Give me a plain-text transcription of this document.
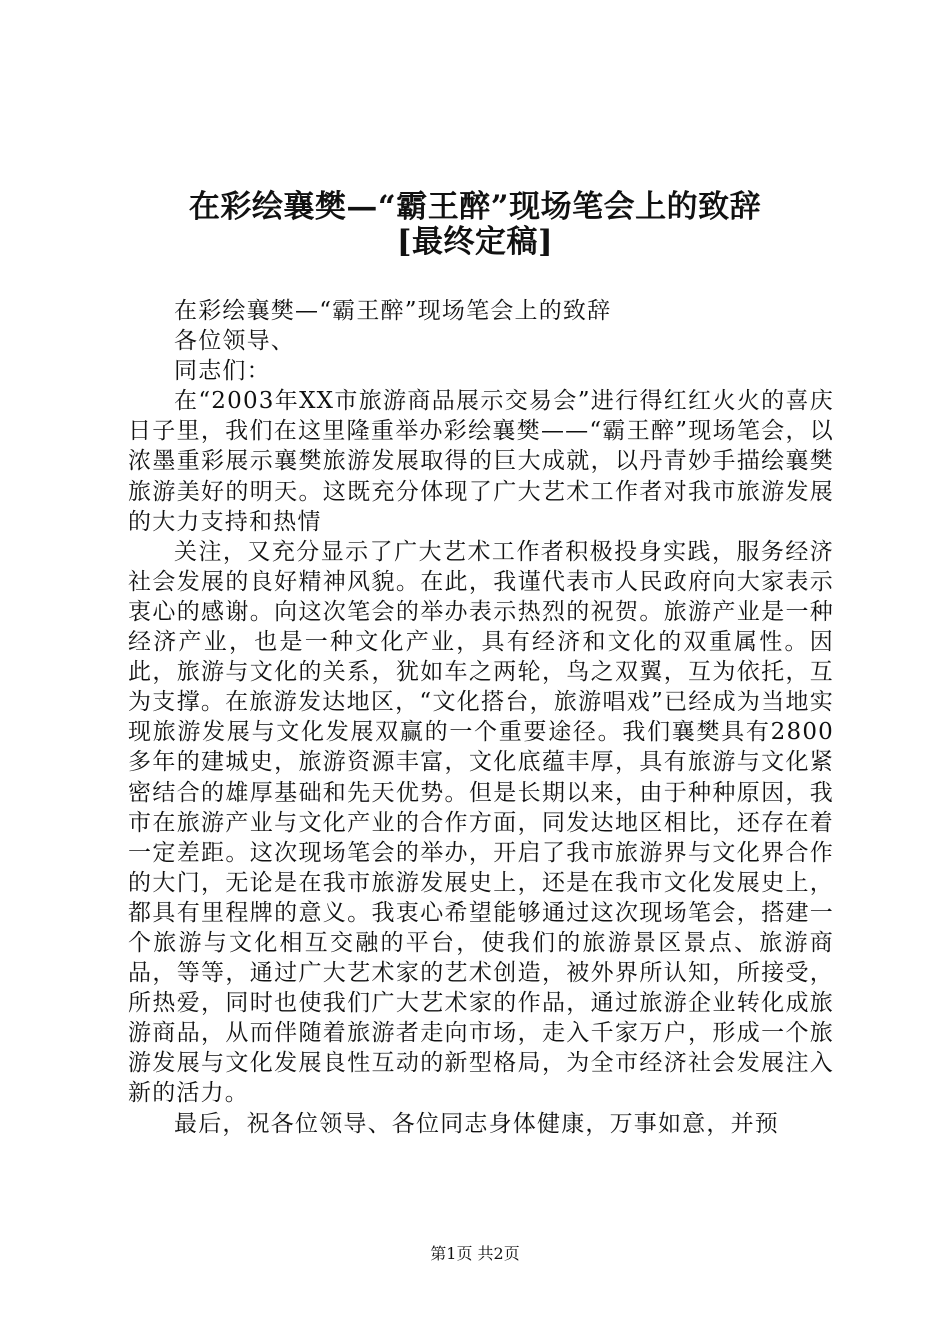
在彩绘襄樊—“霸王醉”现场笔会上的致辞
[最终定稿]

在彩绘襄樊—“霸王醉”现场笔会上的致辞

各位领导、

同志们：

在“2003年XX市旅游商品展示交易会”进行得红红火火的喜庆日子里，我们在这里隆重举办彩绘襄樊——“霸王醉”现场笔会，以浓墨重彩展示襄樊旅游发展取得的巨大成就，以丹青妙手描绘襄樊旅游美好的明天。这既充分体现了广大艺术工作者对我市旅游发展的大力支持和热情

关注，又充分显示了广大艺术工作者积极投身实践，服务经济社会发展的良好精神风貌。在此，我谨代表市人民政府向大家表示衷心的感谢。向这次笔会的举办表示热烈的祝贺。旅游产业是一种经济产业，也是一种文化产业，具有经济和文化的双重属性。因此，旅游与文化的关系，犹如车之两轮，鸟之双翼，互为依托，互为支撑。在旅游发达地区，“文化搭台，旅游唱戏”已经成为当地实现旅游发展与文化发展双赢的一个重要途径。我们襄樊具有2800多年的建城史，旅游资源丰富，文化底蕴丰厚，具有旅游与文化紧密结合的雄厚基础和先天优势。但是长期以来，由于种种原因，我市在旅游产业与文化产业的合作方面，同发达地区相比，还存在着一定差距。这次现场笔会的举办，开启了我市旅游界与文化界合作的大门，无论是在我市旅游发展史上，还是在我市文化发展史上，都具有里程牌的意义。我衷心希望能够通过这次现场笔会，搭建一个旅游与文化相互交融的平台，使我们的旅游景区景点、旅游商品，等等，通过广大艺术家的艺术创造，被外界所认知，所接受，所热爱，同时也使我们广大艺术家的作品，通过旅游企业转化成旅游商品，从而伴随着旅游者走向市场，走入千家万户，形成一个旅游发展与文化发展良性互动的新型格局，为全市经济社会发展注入新的活力。

最后，祝各位领导、各位同志身体健康，万事如意，并预

第1页 共2页
